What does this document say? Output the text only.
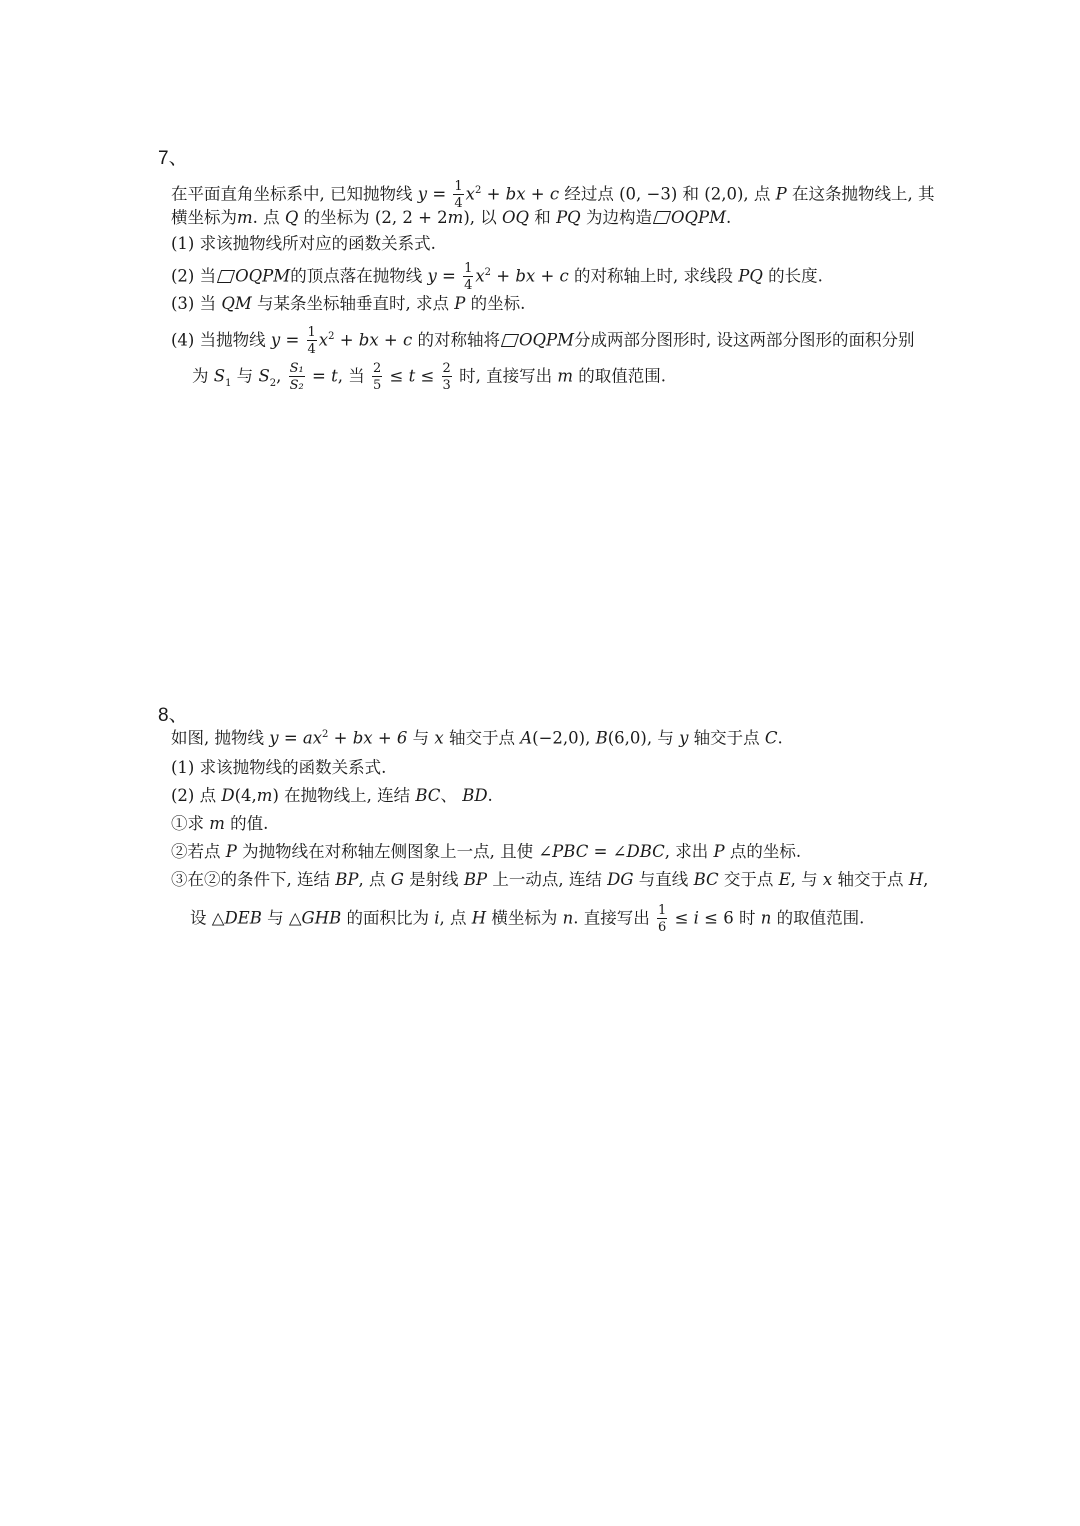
7、
在平面直角坐标系中, 已知抛物线 $y = \frac{1}{4} x^2$ + bx + c 经过点 (0, −3) 和 (2,0), 点 P 在这条抛物线上, 其
横坐标为m. 点 Q 的坐标为 (2, 2 + 2m), 以 OQ 和 PQ 为边构造 OQPM.
(1) 求该抛物线所对应的函数关系式.
(2) 当 OQPM的顶点落在抛物线 $y = \frac{1}{4} x^2$ + bx + c 的对称轴上时, 求线段 PQ 的长度.
(3) 当 QM 与某条坐标轴垂直时, 求点 P 的坐标.
(4) 当抛物线 $y = \frac{1}{4} x^2$ + bx + c 的对称轴将 OQPM分成两部分图形时, 设这两部分图形的面积分别
为 $S_1$ 与 $S_2$, $\frac{\text{S₁}}{\text{S₂}} = t$, 当 $\frac{2}{5} \le t \le \frac{2}{3}$ 时, 直接写出 m 的取值范围.
8、
如图, 抛物线 $y = ax^2$ + bx + 6 与 x 轴交于点 A(−2,0), B(6,0), 与 y 轴交于点 C.
(1) 求该抛物线的函数关系式.
(2) 点 D(4,m) 在抛物线上, 连结 BC、 BD.
①求 m 的值.
②若点 P 为抛物线在对称轴左侧图象上一点, 且使 ∠PBC = ∠DBC, 求出 P 点的坐标.
③在②的条件下, 连结 BP, 点 G 是射线 BP 上一动点, 连结 DG 与直线 BC 交于点 E, 与 x 轴交于点 H,
设 △DEB 与 △GHB 的面积比为 i, 点 H 横坐标为 n. 直接写出 $\frac{1}{6} \le i \le 6$ 时 n 的取值范围.
